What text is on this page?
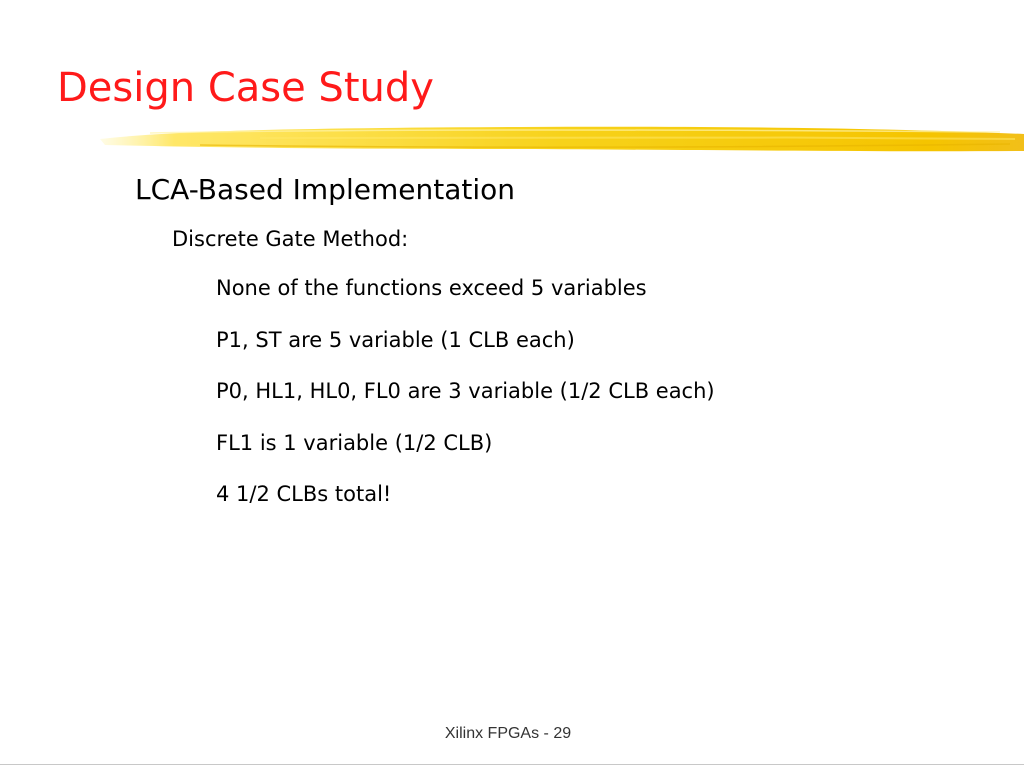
Design Case Study
LCA-Based Implementation
Discrete Gate Method:
None of the functions exceed 5 variables
P1, ST are 5 variable (1 CLB each)
P0, HL1, HL0, FL0 are 3 variable (1/2 CLB each)
FL1 is 1 variable (1/2 CLB)
4 1/2 CLBs total!
Xilinx FPGAs - 29
